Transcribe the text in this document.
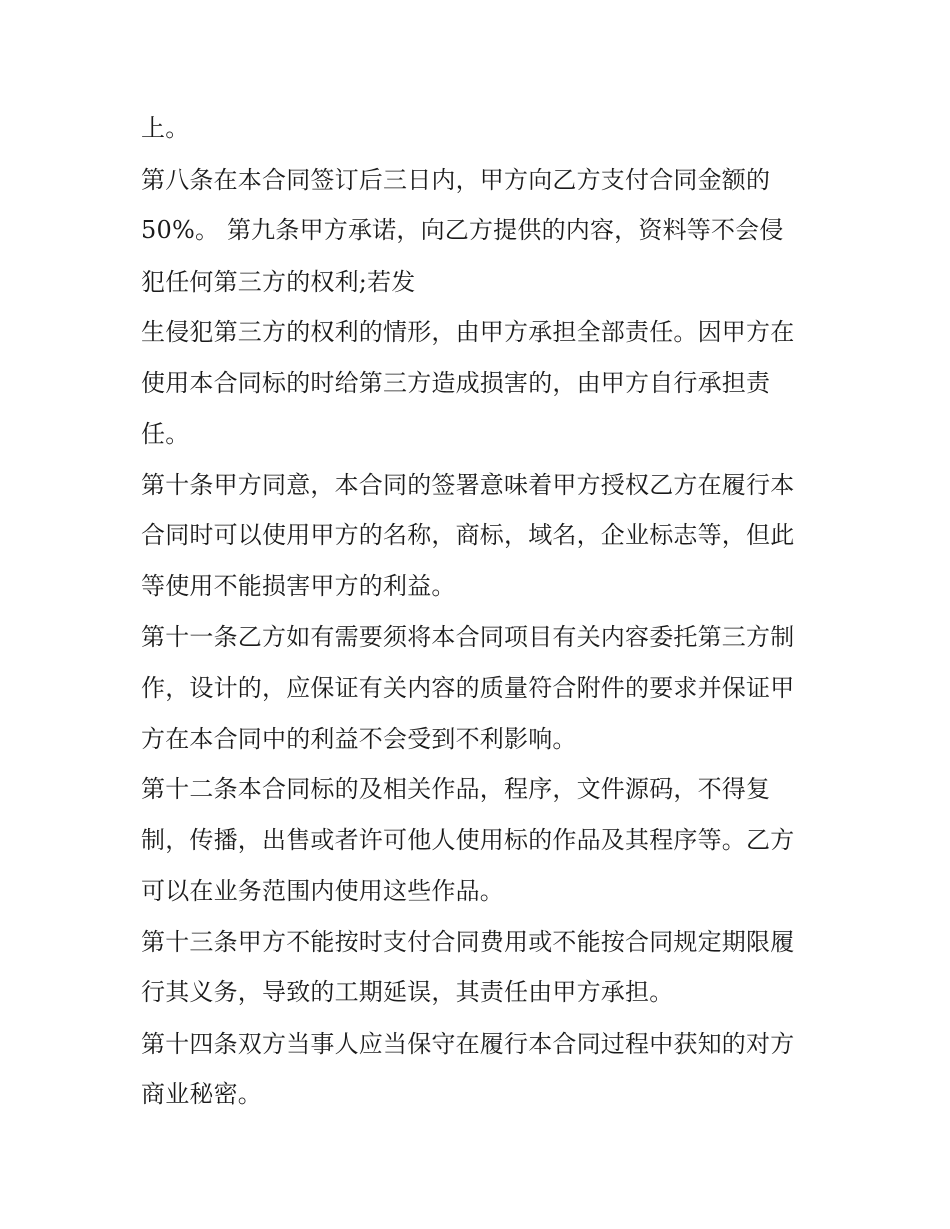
上。
第八条在本合同签订后三日内，甲方向乙方支付合同金额的
50%。 第九条甲方承诺，向乙方提供的内容，资料等不会侵
犯任何第三方的权利;若发
生侵犯第三方的权利的情形，由甲方承担全部责任。因甲方在
使用本合同标的时给第三方造成损害的，由甲方自行承担责
任。
第十条甲方同意，本合同的签署意味着甲方授权乙方在履行本
合同时可以使用甲方的名称，商标，域名，企业标志等，但此
等使用不能损害甲方的利益。
第十一条乙方如有需要须将本合同项目有关内容委托第三方制
作，设计的，应保证有关内容的质量符合附件的要求并保证甲
方在本合同中的利益不会受到不利影响。
第十二条本合同标的及相关作品，程序，文件源码，不得复
制，传播，出售或者许可他人使用标的作品及其程序等。乙方
可以在业务范围内使用这些作品。
第十三条甲方不能按时支付合同费用或不能按合同规定期限履
行其义务，导致的工期延误，其责任由甲方承担。
第十四条双方当事人应当保守在履行本合同过程中获知的对方
商业秘密。
